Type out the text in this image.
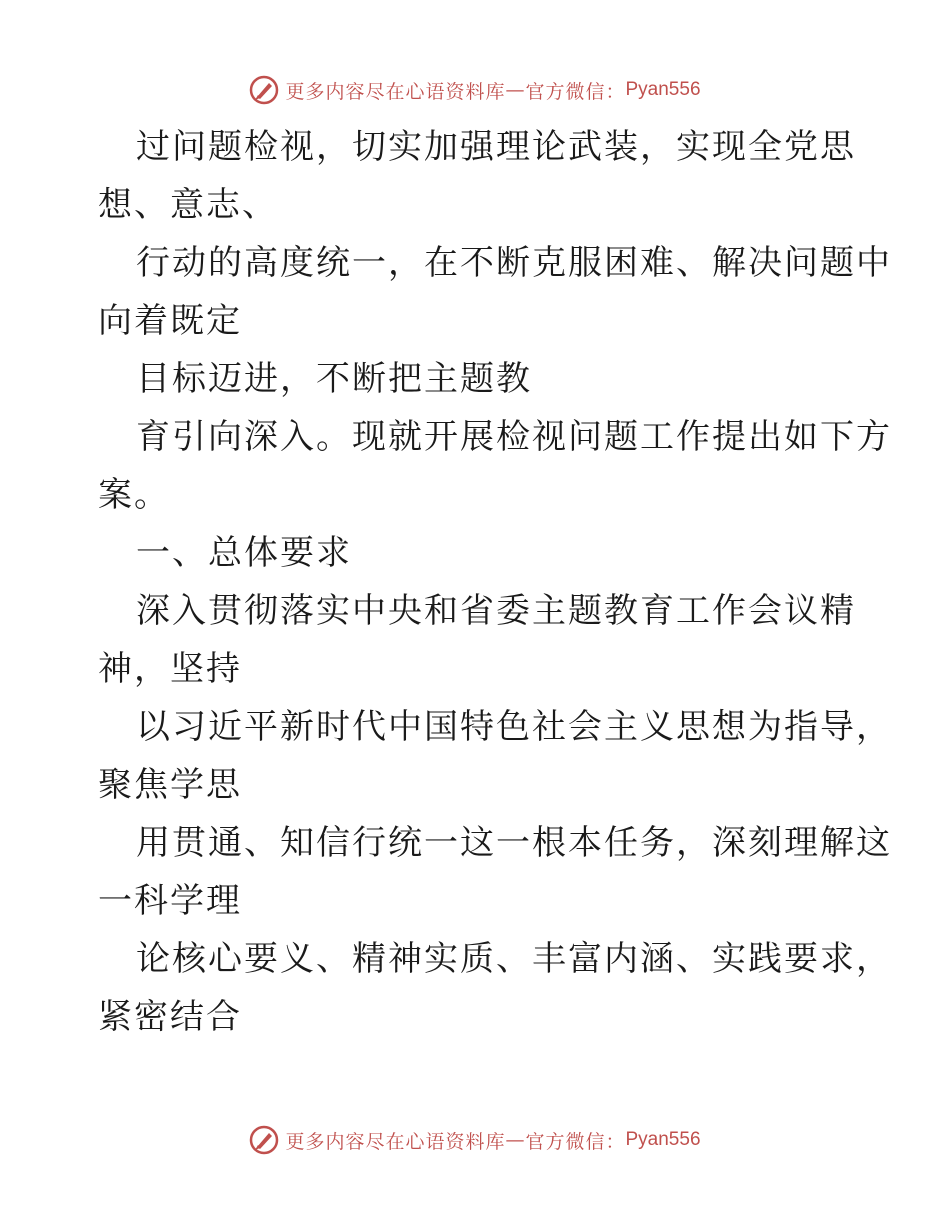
更多内容尽在心语资料库 — 官方微信： Pyan556
过问题检视，切实加强理论武装，实现全党思
想、意志、
行动的高度统一，在不断克服困难、解决问题中
向着既定
目标迈进，不断把主题教
育引向深入。现就开展检视问题工作提出如下方
案。
一、总体要求
深入贯彻落实中央和省委主题教育工作会议精
神，坚持
以习近平新时代中国特色社会主义思想为指导，
聚焦学思
用贯通、知信行统一这一根本任务，深刻理解这
一科学理
论核心要义、精神实质、丰富内涵、实践要求，
紧密结合
更多内容尽在心语资料库 — 官方微信： Pyan556
